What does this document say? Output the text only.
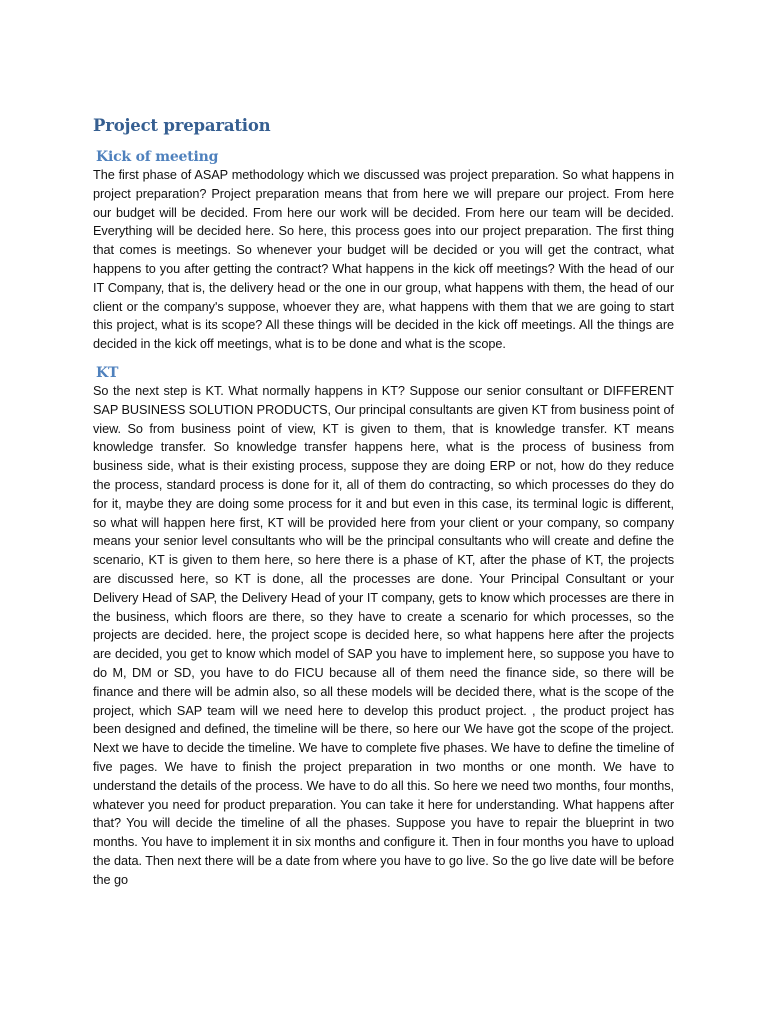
Project preparation
Kick of meeting

The first phase of ASAP methodology which we discussed was project preparation. So what happens in project preparation? Project preparation means that from here we will prepare our project. From here our budget will be decided. From here our work will be decided. From here our team will be decided. Everything will be decided here. So here, this process goes into our project preparation. The first thing that comes is meetings. So whenever your budget will be decided or you will get the contract, what happens to you after getting the contract? What happens in the kick off meetings? With the head of our IT Company, that is, the delivery head or the one in our group, what happens with them, the head of our client or the company's suppose, whoever they are, what happens with them that we are going to start this project, what is its scope? All these things will be decided in the kick off meetings. All the things are decided in the kick off meetings, what is to be done and what is the scope.

KT

So the next step is KT. What normally happens in KT? Suppose our senior consultant or DIFFERENT SAP BUSINESS SOLUTION PRODUCTS, Our principal consultants are given KT from business point of view. So from business point of view, KT is given to them, that is knowledge transfer. KT means knowledge transfer. So knowledge transfer happens here, what is the process of business from business side, what is their existing process, suppose they are doing ERP or not, how do they reduce the process, standard process is done for it, all of them do contracting, so which processes do they do for it, maybe they are doing some process for it and but even in this case, its terminal logic is different, so what will happen here first, KT will be provided here from your client or your company, so company means your senior level consultants who will be the principal consultants who will create and define the scenario, KT is given to them here, so here there is a phase of KT, after the phase of KT, the projects are discussed here, so KT is done, all the processes are done. Your Principal Consultant or your Delivery Head of SAP, the Delivery Head of your IT company, gets to know which processes are there in the business, which floors are there, so they have to create a scenario for which processes, so the projects are decided. here, the project scope is decided here, so what happens here after the projects are decided, you get to know which model of SAP you have to implement here, so suppose you have to do M, DM or SD, you have to do FICU because all of them need the finance side, so there will be finance and there will be admin also, so all these models will be decided there, what is the scope of the project, which SAP team will we need here to develop this product project. , the product project has been designed and defined, the timeline will be there, so here our We have got the scope of the project. Next we have to decide the timeline. We have to complete five phases. We have to define the timeline of five pages. We have to finish the project preparation in two months or one month. We have to understand the details of the process. We have to do all this. So here we need two months, four months, whatever you need for product preparation. You can take it here for understanding. What happens after that? You will decide the timeline of all the phases. Suppose you have to repair the blueprint in two months. You have to implement it in six months and configure it. Then in four months you have to upload the data. Then next there will be a date from where you have to go live. So the go live date will be before the go
